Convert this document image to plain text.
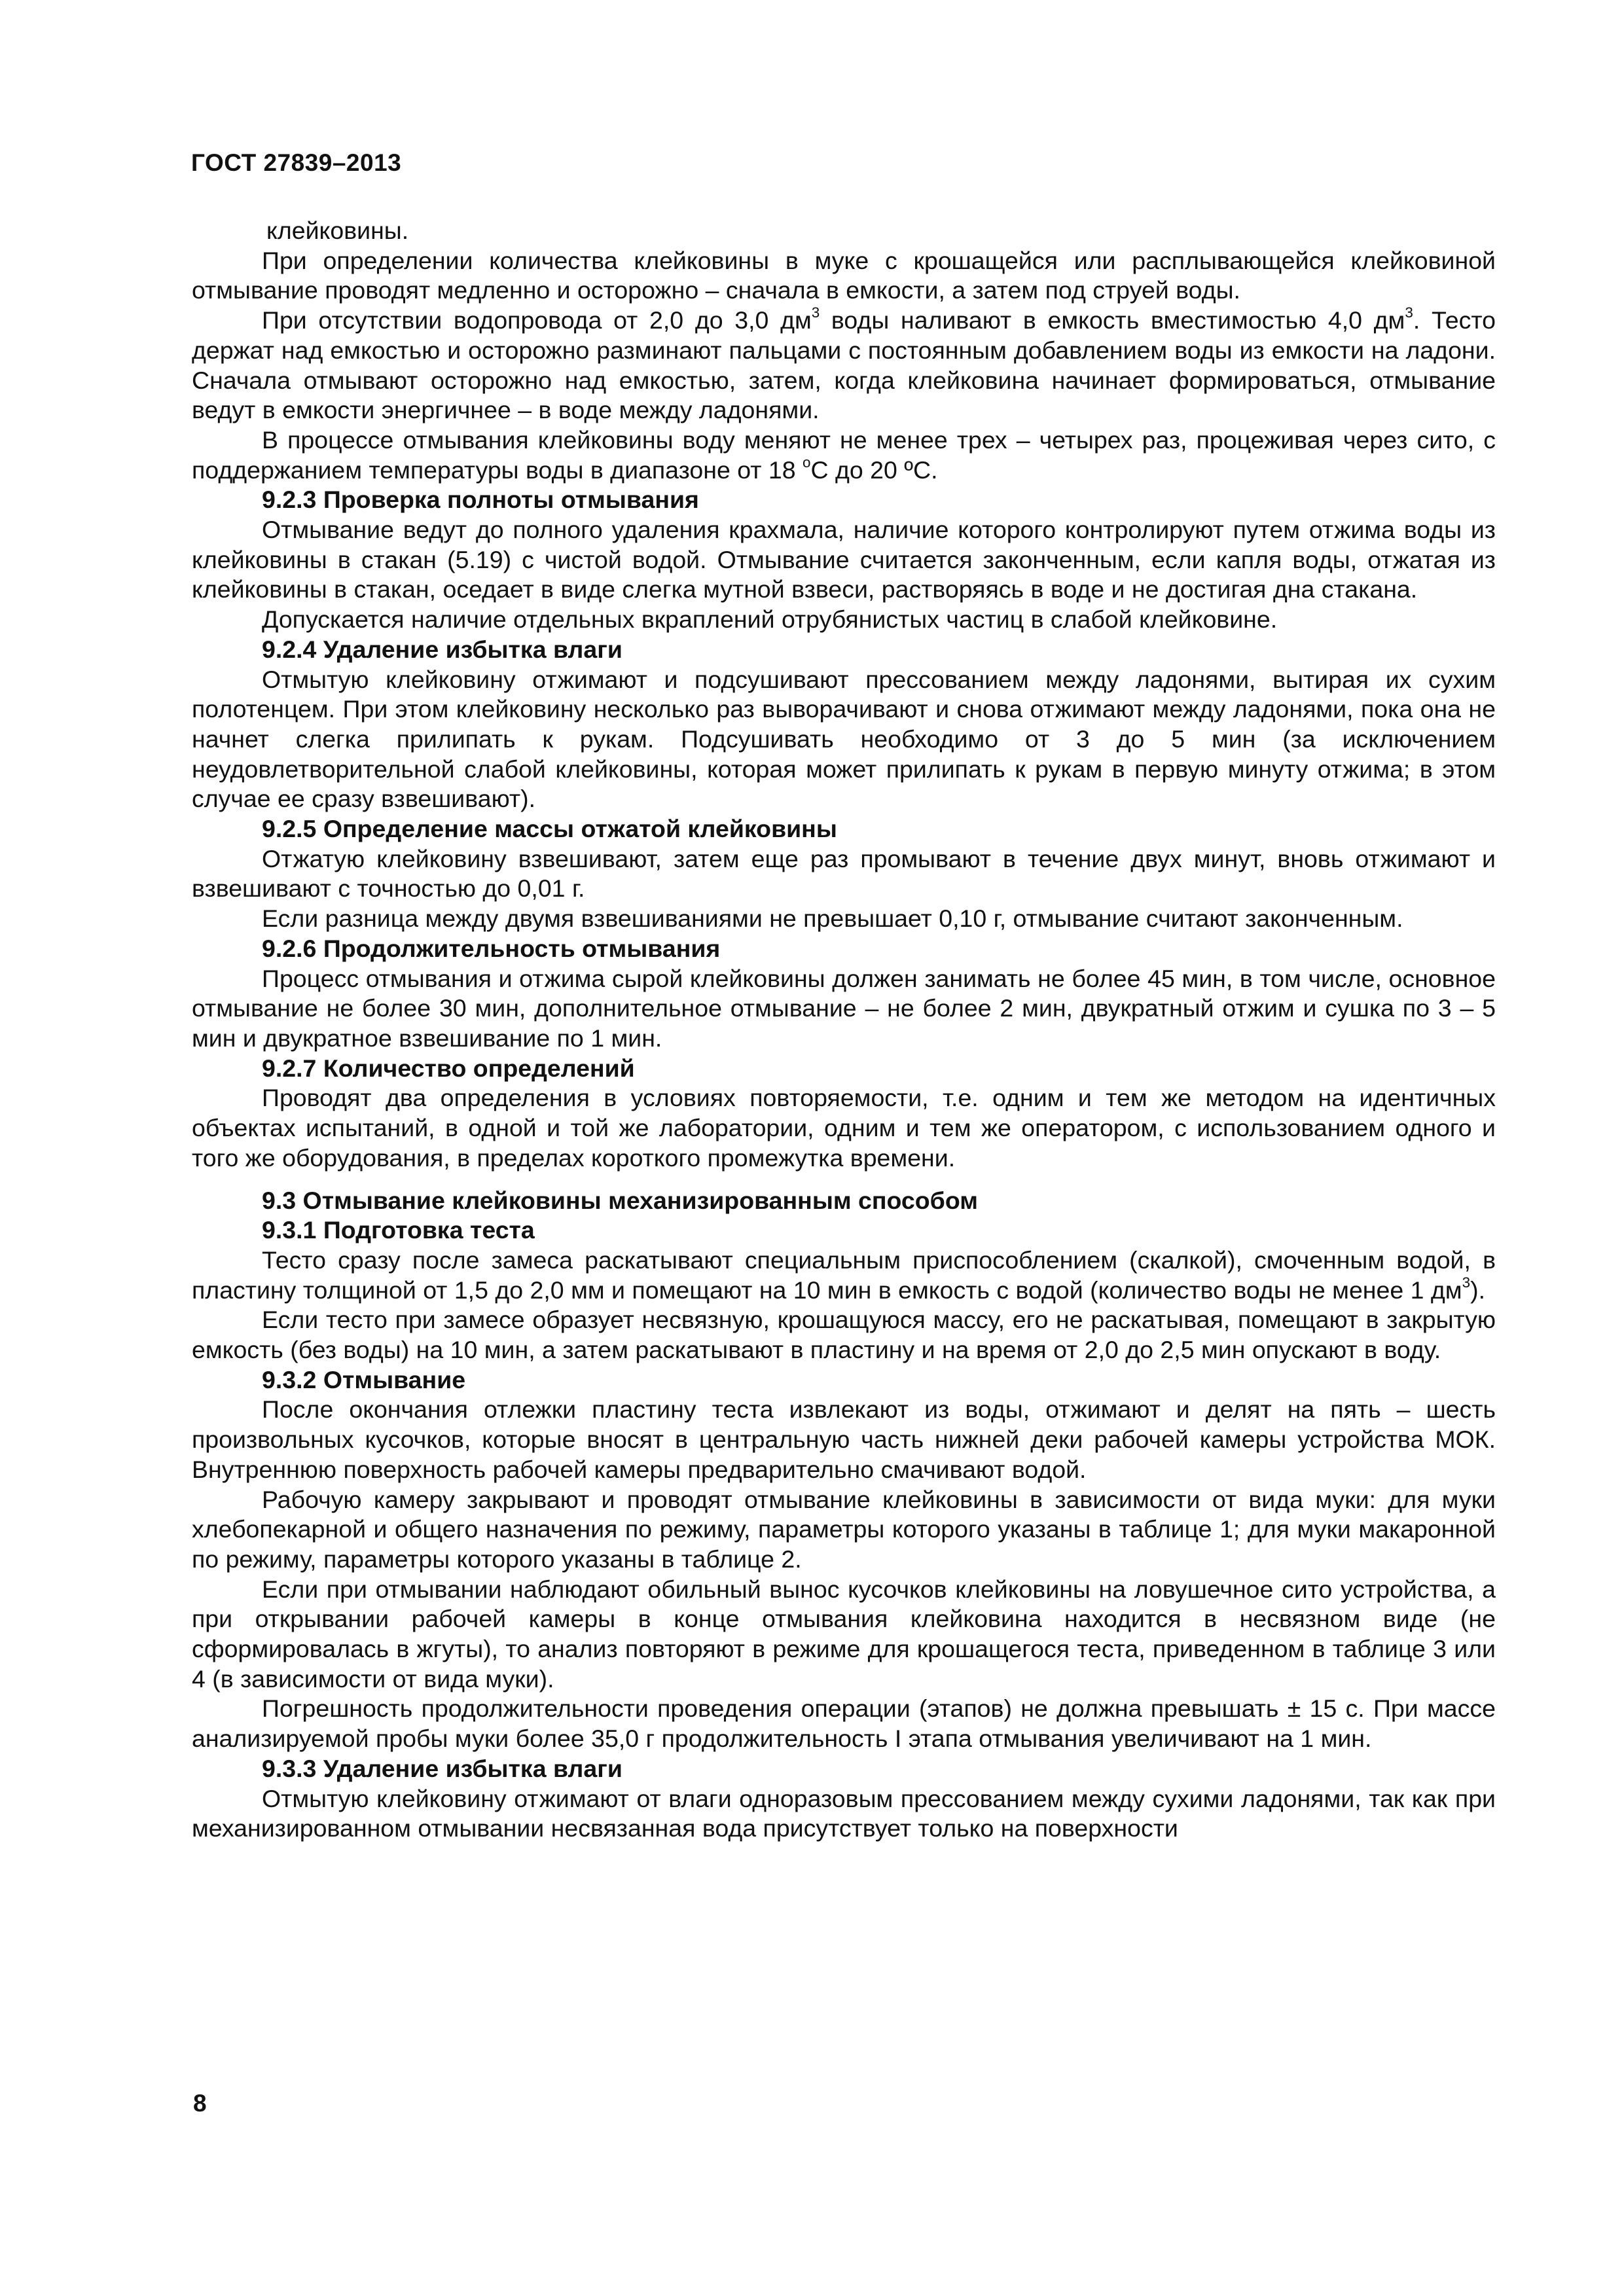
ГОСТ 27839–2013

клейковины.

При определении количества клейковины в муке с крошащейся или расплывающейся клейковиной отмывание проводят медленно и осторожно – сначала в емкости, а затем под струей воды.

При отсутствии водопровода от 2,0 до 3,0 $дм^3$ воды наливают в емкость вместимостью 4,0 $дм^3$. Тесто держат над емкостью и осторожно разминают пальцами с постоянным добавлением воды из емкости на ладони. Сначала отмывают осторожно над емкостью, затем, когда клейковина начинает формироваться, отмывание ведут в емкости энергичнее – в воде между ладонями.

В процессе отмывания клейковины воду меняют не менее трех – четырех раз, процеживая через сито, с поддержанием температуры воды в диапазоне от 18 $^o$С до 20 ºС.

9.2.3 Проверка полноты отмывания

Отмывание ведут до полного удаления крахмала, наличие которого контролируют путем отжима воды из клейковины в стакан (5.19) с чистой водой. Отмывание считается законченным, если капля воды, отжатая из клейковины в стакан, оседает в виде слегка мутной взвеси, растворяясь в воде и не достигая дна стакана.

Допускается наличие отдельных вкраплений отрубянистых частиц в слабой клейковине.

9.2.4 Удаление избытка влаги

Отмытую клейковину отжимают и подсушивают прессованием между ладонями, вытирая их сухим полотенцем. При этом клейковину несколько раз выворачивают и снова отжимают между ладонями, пока она не начнет слегка прилипать к рукам. Подсушивать необходимо от 3 до 5 мин (за исключением неудовлетворительной слабой клейковины, которая может прилипать к рукам в первую минуту отжима; в этом случае ее сразу взвешивают).

9.2.5 Определение массы отжатой клейковины

Отжатую клейковину взвешивают, затем еще раз промывают в течение двух минут, вновь отжимают и взвешивают с точностью до 0,01 г.

Если разница между двумя взвешиваниями не превышает 0,10 г, отмывание считают законченным.

9.2.6 Продолжительность отмывания

Процесс отмывания и отжима сырой клейковины должен занимать не более 45 мин, в том числе, основное отмывание не более 30 мин, дополнительное отмывание – не более 2 мин, двукратный отжим и сушка по 3 – 5 мин и двукратное взвешивание по 1 мин.

9.2.7 Количество определений

Проводят два определения в условиях повторяемости, т.е. одним и тем же методом на идентичных объектах испытаний, в одной и той же лаборатории, одним и тем же оператором, с использованием одного и того же оборудования, в пределах короткого промежутка времени.

9.3 Отмывание клейковины механизированным способом

9.3.1 Подготовка теста

Тесто сразу после замеса раскатывают специальным приспособлением (скалкой), смоченным водой, в пластину толщиной от 1,5 до 2,0 мм и помещают на 10 мин в емкость с водой (количество воды не менее 1 $дм^3$).

Если тесто при замесе образует несвязную, крошащуюся массу, его не раскатывая, помещают в закрытую емкость (без воды) на 10 мин, а затем раскатывают в пластину и на время от 2,0 до 2,5 мин опускают в воду.

9.3.2 Отмывание

После окончания отлежки пластину теста извлекают из воды, отжимают и делят на пять – шесть произвольных кусочков, которые вносят в центральную часть нижней деки рабочей камеры устройства МОК. Внутреннюю поверхность рабочей камеры предварительно смачивают водой.

Рабочую камеру закрывают и проводят отмывание клейковины в зависимости от вида муки: для муки хлебопекарной и общего назначения по режиму, параметры которого указаны в таблице 1; для муки макаронной по режиму, параметры которого указаны в таблице 2.

Если при отмывании наблюдают обильный вынос кусочков клейковины на ловушечное сито устройства, а при открывании рабочей камеры в конце отмывания клейковина находится в несвязном виде (не сформировалась в жгуты), то анализ повторяют в режиме для крошащегося теста, приведенном в таблице 3 или 4 (в зависимости от вида муки).

Погрешность продолжительности проведения операции (этапов) не должна превышать ± 15 с. При массе анализируемой пробы муки более 35,0 г продолжительность I этапа отмывания увеличивают на 1 мин.

9.3.3 Удаление избытка влаги

Отмытую клейковину отжимают от влаги одноразовым прессованием между сухими ладонями, так как при механизированном отмывании несвязанная вода присутствует только на поверхности

8
